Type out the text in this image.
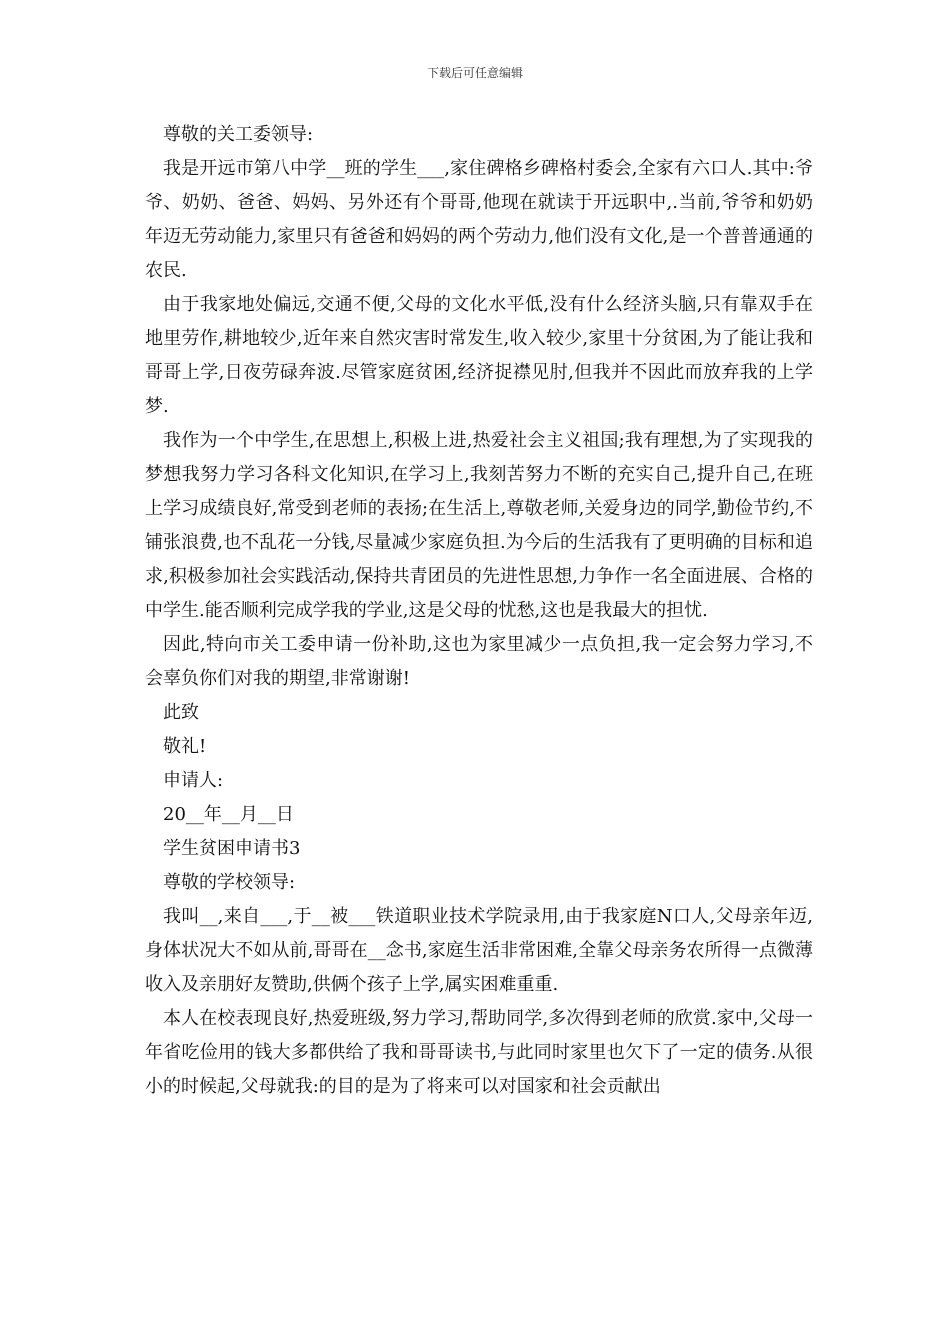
下载后可任意编辑

尊敬的关工委领导:

我是开远市第八中学__班的学生___,家住碑格乡碑格村委会,全家有六口人.其中:爷爷、奶奶、爸爸、妈妈、另外还有个哥哥,他现在就读于开远职中,.当前,爷爷和奶奶年迈无劳动能力,家里只有爸爸和妈妈的两个劳动力,他们没有文化,是一个普普通通的农民.

由于我家地处偏远,交通不便,父母的文化水平低,没有什么经济头脑,只有靠双手在地里劳作,耕地较少,近年来自然灾害时常发生,收入较少,家里十分贫困,为了能让我和哥哥上学,日夜劳碌奔波.尽管家庭贫困,经济捉襟见肘,但我并不因此而放弃我的上学梦.

我作为一个中学生,在思想上,积极上进,热爱社会主义祖国;我有理想,为了实现我的梦想我努力学习各科文化知识,在学习上,我刻苦努力不断的充实自己,提升自己,在班上学习成绩良好,常受到老师的表扬;在生活上,尊敬老师,关爱身边的同学,勤俭节约,不铺张浪费,也不乱花一分钱,尽量减少家庭负担.为今后的生活我有了更明确的目标和追求,积极参加社会实践活动,保持共青团员的先进性思想,力争作一名全面进展、合格的中学生.能否顺利完成学我的学业,这是父母的忧愁,这也是我最大的担忧.

因此,特向市关工委申请一份补助,这也为家里减少一点负担,我一定会努力学习,不会辜负你们对我的期望,非常谢谢!

此致

敬礼!

申请人:

20__年__月__日

学生贫困申请书3

尊敬的学校领导:

我叫__,来自___,于__被___铁道职业技术学院录用,由于我家庭N口人,父母亲年迈,身体状况大不如从前,哥哥在__念书,家庭生活非常困难,全靠父母亲务农所得一点微薄收入及亲朋好友赞助,供俩个孩子上学,属实困难重重.

本人在校表现良好,热爱班级,努力学习,帮助同学,多次得到老师的欣赏.家中,父母一年省吃俭用的钱大多都供给了我和哥哥读书,与此同时家里也欠下了一定的债务.从很小的时候起,父母就我:的目的是为了将来可以对国家和社会贡献出
